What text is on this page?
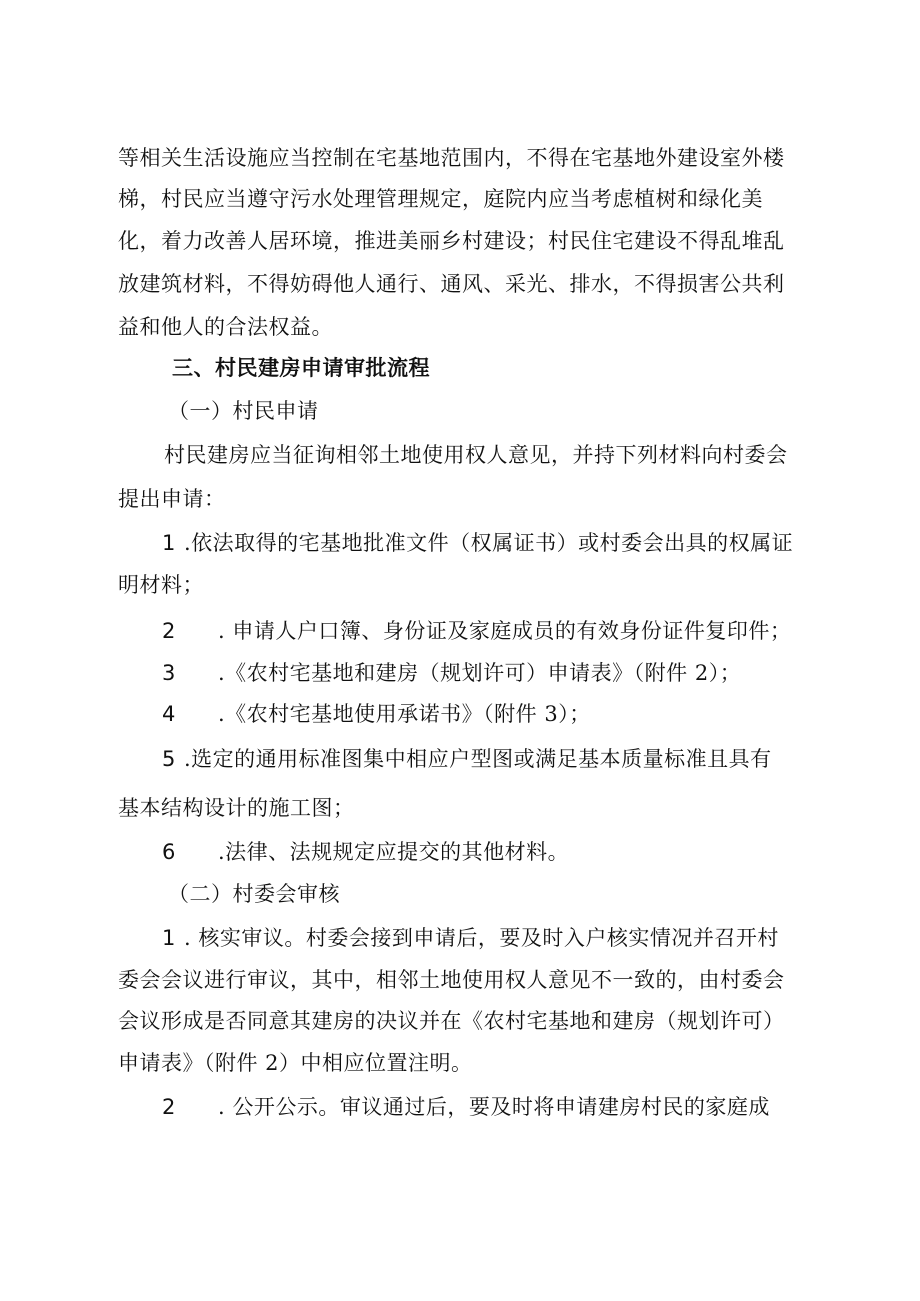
等相关生活设施应当控制在宅基地范围内，不得在宅基地外建设室外楼
梯，村民应当遵守污水处理管理规定，庭院内应当考虑植树和绿化美
化，着力改善人居环境，推进美丽乡村建设；村民住宅建设不得乱堆乱
放建筑材料，不得妨碍他人通行、通风、采光、排水，不得损害公共利
益和他人的合法权益。
三、村民建房申请审批流程
（一）村民申请
村民建房应当征询相邻土地使用权人意见，并持下列材料向村委会
提出申请：
1 .依法取得的宅基地批准文件（权属证书）或村委会出具的权属证
明材料；
2 . 申请人户口簿、身份证及家庭成员的有效身份证件复印件；
3 .《农村宅基地和建房（规划许可）申请表》（附件 2）；
4 .《农村宅基地使用承诺书》（附件 3）；
5 .选定的通用标准图集中相应户型图或满足基本质量标准且具有
基本结构设计的施工图；
6 .法律、法规规定应提交的其他材料。
（二）村委会审核
1 . 核实审议。村委会接到申请后，要及时入户核实情况并召开村
委会会议进行审议，其中，相邻土地使用权人意见不一致的，由村委会
会议形成是否同意其建房的决议并在《农村宅基地和建房（规划许可）
申请表》（附件 2）中相应位置注明。
2 . 公开公示。审议通过后，要及时将申请建房村民的家庭成
